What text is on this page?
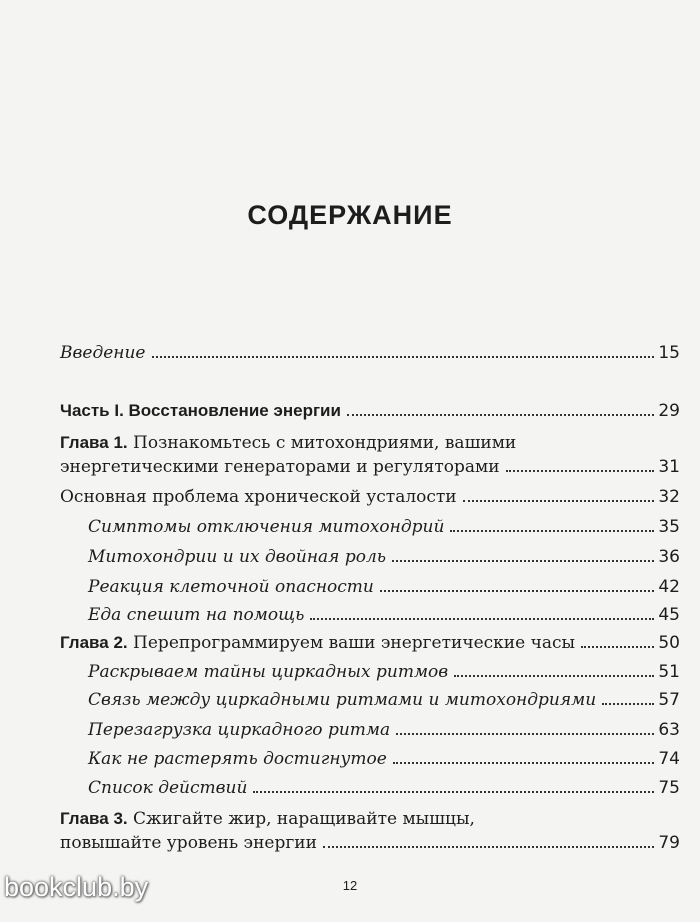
СОДЕРЖАНИЕ
Введение	15
Часть I. Восстановление энергии	29
Глава 1. Познакомьтесь с митохондриями, вашими
энергетическими генераторами и регуляторами	31
Основная проблема хронической усталости	32
Симптомы отключения митохондрий	35
Митохондрии и их двойная роль	36
Реакция клеточной опасности	42
Еда спешит на помощь	45
Глава 2. Перепрограммируем ваши энергетические часы	50
Раскрываем тайны циркадных ритмов	51
Связь между циркадными ритмами и митохондриями	57
Перезагрузка циркадного ритма	63
Как не растерять достигнутое	74
Список действий	75
Глава 3. Сжигайте жир, наращивайте мышцы,
повышайте уровень энергии	79
12
bookclub.by
